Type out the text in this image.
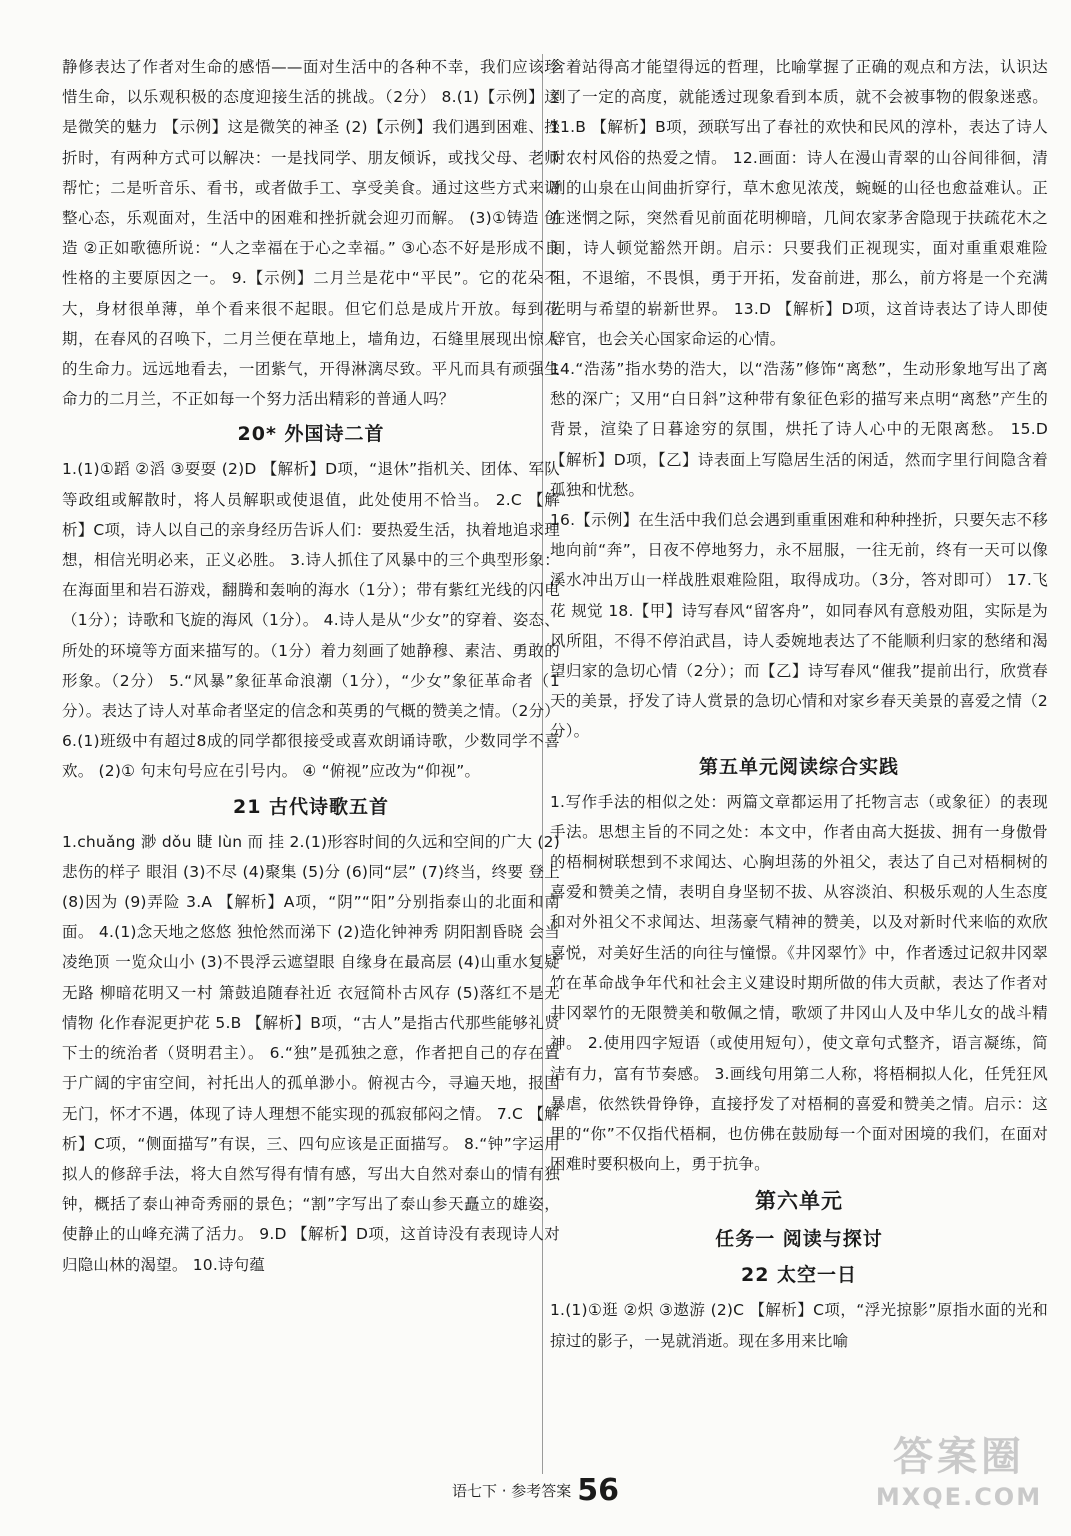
静修表达了作者对生命的感悟——面对生活中的各种不幸，我们应该珍惜生命，以乐观积极的态度迎接生活的挑战。（2分） 8.(1)【示例】这是微笑的魅力 【示例】这是微笑的神圣 (2)【示例】我们遇到困难、挫折时，有两种方式可以解决：一是找同学、朋友倾诉，或找父母、老师帮忙；二是听音乐、看书，或者做手工、享受美食。通过这些方式来调整心态，乐观面对，生活中的困难和挫折就会迎刃而解。 (3)①铸造 创造 ②正如歌德所说：“人之幸福在于心之幸福。” ③心态不好是形成不良性格的主要原因之一。 9.【示例】二月兰是花中“平民”。它的花朵不大，身材很单薄，单个看来很不起眼。但它们总是成片开放。每到花期，在春风的召唤下，二月兰便在草地上，墙角边，石缝里展现出惊人的生命力。远远地看去，一团紫气，开得淋漓尽致。平凡而具有顽强生命力的二月兰，不正如每一个努力活出精彩的普通人吗？

20* 外国诗二首

1.(1)①蹈 ②滔 ③耍耍 (2)D 【解析】D项，“退休”指机关、团体、军队等政组或解散时，将人员解职或使退值，此处使用不恰当。 2.C 【解析】C项，诗人以自己的亲身经历告诉人们：要热爱生活，执着地追求理想，相信光明必来，正义必胜。 3.诗人抓住了风暴中的三个典型形象：在海面里和岩石游戏，翻腾和轰响的海水（1分）；带有紫红光线的闪电（1分）；诗歌和飞旋的海风（1分）。 4.诗人是从“少女”的穿着、姿态、所处的环境等方面来描写的。（1分）着力刻画了她静穆、素洁、勇敢的形象。（2分） 5.“风暴”象征革命浪潮（1分），“少女”象征革命者（1分）。表达了诗人对革命者坚定的信念和英勇的气概的赞美之情。（2分） 6.(1)班级中有超过8成的同学都很接受或喜欢朗诵诗歌，少数同学不喜欢。 (2)① 句末句号应在引号内。 ④ “俯视”应改为“仰视”。

21 古代诗歌五首

1.chuǎng 渺 dǒu 睫 lùn 而 挂 2.(1)形容时间的久远和空间的广大 (2)悲伤的样子 眼泪 (3)不尽 (4)聚集 (5)分 (6)同“层” (7)终当，终要 登上 (8)因为 (9)弄险 3.A 【解析】A项，“阴”“阳”分别指泰山的北面和南面。 4.(1)念天地之悠悠 独怆然而涕下 (2)造化钟神秀 阴阳割昏晓 会当凌绝顶 一览众山小 (3)不畏浮云遮望眼 自缘身在最高层 (4)山重水复疑无路 柳暗花明又一村 箫鼓追随春社近 衣冠简朴古风存 (5)落红不是无情物 化作春泥更护花 5.B 【解析】B项，“古人”是指古代那些能够礼贤下士的统治者（贤明君主）。 6.“独”是孤独之意，作者把自己的存在置于广阔的宇宙空间，衬托出人的孤单渺小。俯视古今，寻遍天地，报国无门，怀才不遇，体现了诗人理想不能实现的孤寂郁闷之情。 7.C 【解析】C项，“侧面描写”有误，三、四句应该是正面描写。 8.“钟”字运用拟人的修辞手法，将大自然写得有情有感，写出大自然对泰山的情有独钟，概括了泰山神奇秀丽的景色；“割”字写出了泰山参天矗立的雄姿，使静止的山峰充满了活力。 9.D 【解析】D项，这首诗没有表现诗人对归隐山林的渴望。 10.诗句蕴

含着站得高才能望得远的哲理，比喻掌握了正确的观点和方法，认识达到了一定的高度，就能透过现象看到本质，就不会被事物的假象迷惑。 11.B 【解析】B项，颈联写出了春社的欢快和民风的淳朴，表达了诗人对农村风俗的热爱之情。 12.画面：诗人在漫山青翠的山谷间徘徊，清冽的山泉在山间曲折穿行，草木愈见浓茂，蜿蜒的山径也愈益难认。正在迷惘之际，突然看见前面花明柳暗，几间农家茅舍隐现于扶疏花木之间，诗人顿觉豁然开朗。启示：只要我们正视现实，面对重重艰难险阻，不退缩，不畏惧，勇于开拓，发奋前进，那么，前方将是一个充满光明与希望的崭新世界。 13.D 【解析】D项，这首诗表达了诗人即使辞官，也会关心国家命运的心情。

14.“浩荡”指水势的浩大，以“浩荡”修饰“离愁”，生动形象地写出了离愁的深广；又用“白日斜”这种带有象征色彩的描写来点明“离愁”产生的背景，渲染了日暮途穷的氛围，烘托了诗人心中的无限离愁。 15.D 【解析】D项，【乙】诗表面上写隐居生活的闲适，然而字里行间隐含着孤独和忧愁。

16.【示例】在生活中我们总会遇到重重困难和种种挫折，只要矢志不移地向前“奔”，日夜不停地努力，永不屈服，一往无前，终有一天可以像溪水冲出万山一样战胜艰难险阻，取得成功。（3分，答对即可） 17.飞花 规觉 18.【甲】诗写春风“留客舟”，如同春风有意般劝阻，实际是为风所阻，不得不停泊武昌，诗人委婉地表达了不能顺利归家的愁绪和渴望归家的急切心情（2分）；而【乙】诗写春风“催我”提前出行，欣赏春天的美景，抒发了诗人赏景的急切心情和对家乡春天美景的喜爱之情（2分）。

第五单元阅读综合实践

1.写作手法的相似之处：两篇文章都运用了托物言志（或象征）的表现手法。思想主旨的不同之处：本文中，作者由高大挺拔、拥有一身傲骨的梧桐树联想到不求闻达、心胸坦荡的外祖父，表达了自己对梧桐树的喜爱和赞美之情，表明自身坚韧不拔、从容淡泊、积极乐观的人生态度和对外祖父不求闻达、坦荡豪气精神的赞美，以及对新时代来临的欢欣喜悦，对美好生活的向往与憧憬。《井冈翠竹》中，作者透过记叙井冈翠竹在革命战争年代和社会主义建设时期所做的伟大贡献，表达了作者对井冈翠竹的无限赞美和敬佩之情，歌颂了井冈山人及中华儿女的战斗精神。 2.使用四字短语（或使用短句），使文章句式整齐，语言凝练，简洁有力，富有节奏感。 3.画线句用第二人称，将梧桐拟人化，任凭狂风暴虐，依然铁骨铮铮，直接抒发了对梧桐的喜爱和赞美之情。启示：这里的“你”不仅指代梧桐，也仿佛在鼓励每一个面对困境的我们，在面对困难时要积极向上，勇于抗争。

第六单元
任务一 阅读与探讨
22 太空一日

1.(1)①逛 ②炽 ③遨游 (2)C 【解析】C项，“浮光掠影”原指水面的光和掠过的影子，一晃就消逝。现在多用来比喻

语七下 · 参考答案 56
答案圈
MXQE.COM
